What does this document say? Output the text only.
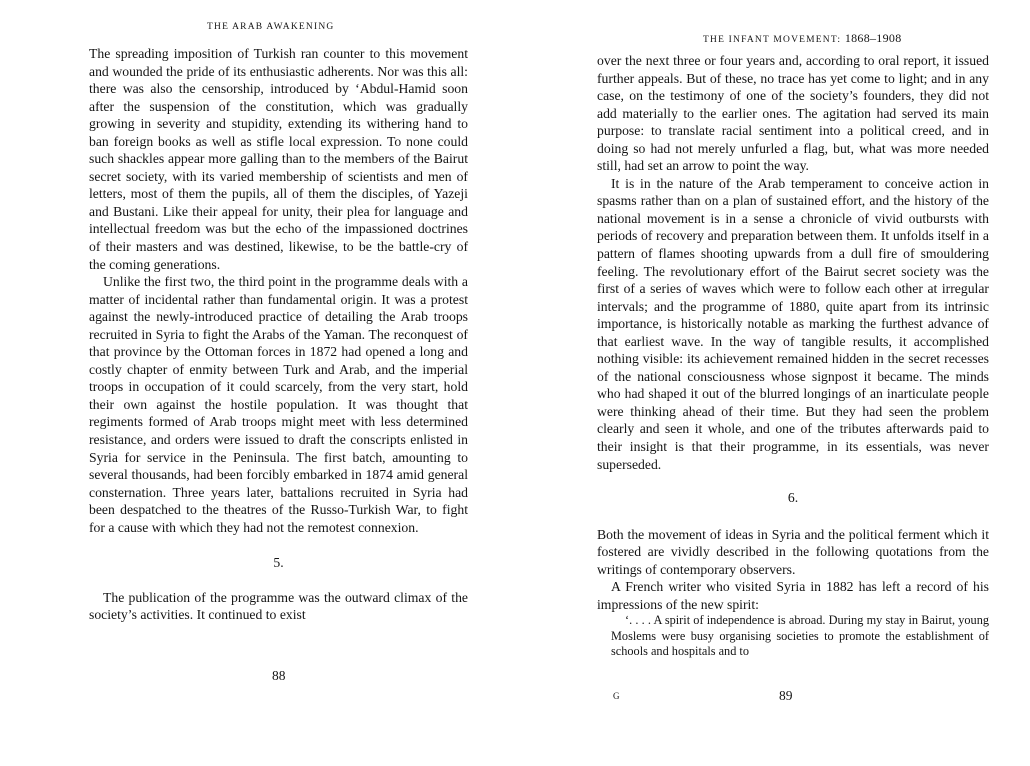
THE ARAB AWAKENING

The spreading imposition of Turkish ran counter to this movement and wounded the pride of its enthusiastic adherents. Nor was this all: there was also the censorship, introduced by ‘Abdul-Hamid soon after the suspension of the constitution, which was gradually growing in severity and stupidity, extending its withering hand to ban foreign books as well as stifle local expression. To none could such shackles appear more galling than to the members of the Bairut secret society, with its varied membership of scientists and men of letters, most of them the pupils, all of them the disciples, of Yazeji and Bustani. Like their appeal for unity, their plea for language and intellectual freedom was but the echo of the impassioned doctrines of their masters and was destined, likewise, to be the battle-cry of the coming generations.

Unlike the first two, the third point in the programme deals with a matter of incidental rather than fundamental origin. It was a protest against the newly-introduced practice of detailing the Arab troops recruited in Syria to fight the Arabs of the Yaman. The reconquest of that province by the Ottoman forces in 1872 had opened a long and costly chapter of enmity between Turk and Arab, and the imperial troops in occupation of it could scarcely, from the very start, hold their own against the hostile population. It was thought that regiments formed of Arab troops might meet with less determined resistance, and orders were issued to draft the conscripts enlisted in Syria for service in the Peninsula. The first batch, amounting to several thousands, had been forcibly embarked in 1874 amid general consternation. Three years later, battalions recruited in Syria had been despatched to the theatres of the Russo-Turkish War, to fight for a cause with which they had not the remotest connexion.

5.

The publication of the programme was the outward climax of the society’s activities. It continued to exist

88
THE INFANT MOVEMENT: 1868–1908

over the next three or four years and, according to oral report, it issued further appeals. But of these, no trace has yet come to light; and in any case, on the testimony of one of the society’s founders, they did not add materially to the earlier ones. The agitation had served its main purpose: to translate racial sentiment into a political creed, and in doing so had not merely unfurled a flag, but, what was more needed still, had set an arrow to point the way.

It is in the nature of the Arab temperament to conceive action in spasms rather than on a plan of sustained effort, and the history of the national movement is in a sense a chronicle of vivid outbursts with periods of recovery and preparation between them. It unfolds itself in a pattern of flames shooting upwards from a dull fire of smouldering feeling. The revolutionary effort of the Bairut secret society was the first of a series of waves which were to follow each other at irregular intervals; and the programme of 1880, quite apart from its intrinsic importance, is historically notable as marking the furthest advance of that earliest wave. In the way of tangible results, it accomplished nothing visible: its achievement remained hidden in the secret recesses of the national consciousness whose signpost it became. The minds who had shaped it out of the blurred longings of an inarticulate people were thinking ahead of their time. But they had seen the problem clearly and seen it whole, and one of the tributes afterwards paid to their insight is that their programme, in its essentials, was never superseded.

6.

Both the movement of ideas in Syria and the political ferment which it fostered are vividly described in the following quotations from the writings of contemporary observers.

A French writer who visited Syria in 1882 has left a record of his impressions of the new spirit:

‘. . . . A spirit of independence is abroad. During my stay in Bairut, young Moslems were busy organising societies to promote the establishment of schools and hospitals and to
G	89
